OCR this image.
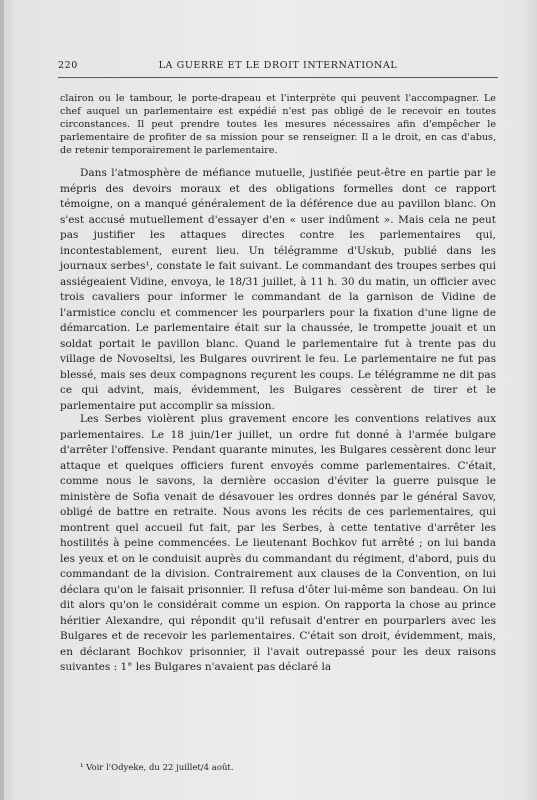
220	LA GUERRE ET LE DROIT INTERNATIONAL

clairon ou le tambour, le porte-drapeau et l'interprète qui peuvent l'accompagner. Le chef auquel un parlementaire est expédié n'est pas obligé de le recevoir en toutes circonstances. Il peut prendre toutes les mesures nécessaires afin d'empêcher le parlementaire de profiter de sa mission pour se renseigner. Il a le droit, en cas d'abus, de retenir temporairement le parlementaire.

Dans l'atmosphère de méfiance mutuelle, justifiée peut-être en partie par le mépris des devoirs moraux et des obligations formelles dont ce rapport témoigne, on a manqué généralement de la déférence due au pavillon blanc. On s'est accusé mutuellement d'essayer d'en « user indûment ». Mais cela ne peut pas justifier les attaques directes contre les parlementaires qui, incontestablement, eurent lieu. Un télégramme d'Uskub, publié dans les journaux serbes¹, constate le fait suivant. Le commandant des troupes serbes qui assiégeaient Vidine, envoya, le 18/31 juillet, à 11 h. 30 du matin, un officier avec trois cavaliers pour informer le commandant de la garnison de Vidine de l'armistice conclu et commencer les pourparlers pour la fixation d'une ligne de démarcation. Le parlementaire était sur la chaussée, le trompette jouait et un soldat portait le pavillon blanc. Quand le parlementaire fut à trente pas du village de Novoseltsi, les Bulgares ouvrirent le feu. Le parlementaire ne fut pas blessé, mais ses deux compagnons reçurent les coups. Le télégramme ne dit pas ce qui advint, mais, évidemment, les Bulgares cessèrent de tirer et le parlementaire put accomplir sa mission.

Les Serbes violèrent plus gravement encore les conventions relatives aux parlementaires. Le 18 juin/1er juillet, un ordre fut donné à l'armée bulgare d'arrêter l'offensive. Pendant quarante minutes, les Bulgares cessèrent donc leur attaque et quelques officiers furent envoyés comme parlementaires. C'était, comme nous le savons, la dernière occasion d'éviter la guerre puisque le ministère de Sofia venait de désavouer les ordres donnés par le général Savov, obligé de battre en retraite. Nous avons les récits de ces parlementaires, qui montrent quel accueil fut fait, par les Serbes, à cette tentative d'arrêter les hostilités à peine commencées. Le lieutenant Bochkov fut arrêté ; on lui banda les yeux et on le conduisit auprès du commandant du régiment, d'abord, puis du commandant de la division. Contrairement aux clauses de la Convention, on lui déclara qu'on le faisait prisonnier. Il refusa d'ôter lui-même son bandeau. On lui dit alors qu'on le considérait comme un espion. On rapporta la chose au prince héritier Alexandre, qui répondit qu'il refusait d'entrer en pourparlers avec les Bulgares et de recevoir les parlementaires. C'était son droit, évidemment, mais, en déclarant Bochkov prisonnier, il l'avait outrepassé pour les deux raisons suivantes : 1° les Bulgares n'avaient pas déclaré la

¹ Voir l'Odyeke, du 22 juillet/4 août.
